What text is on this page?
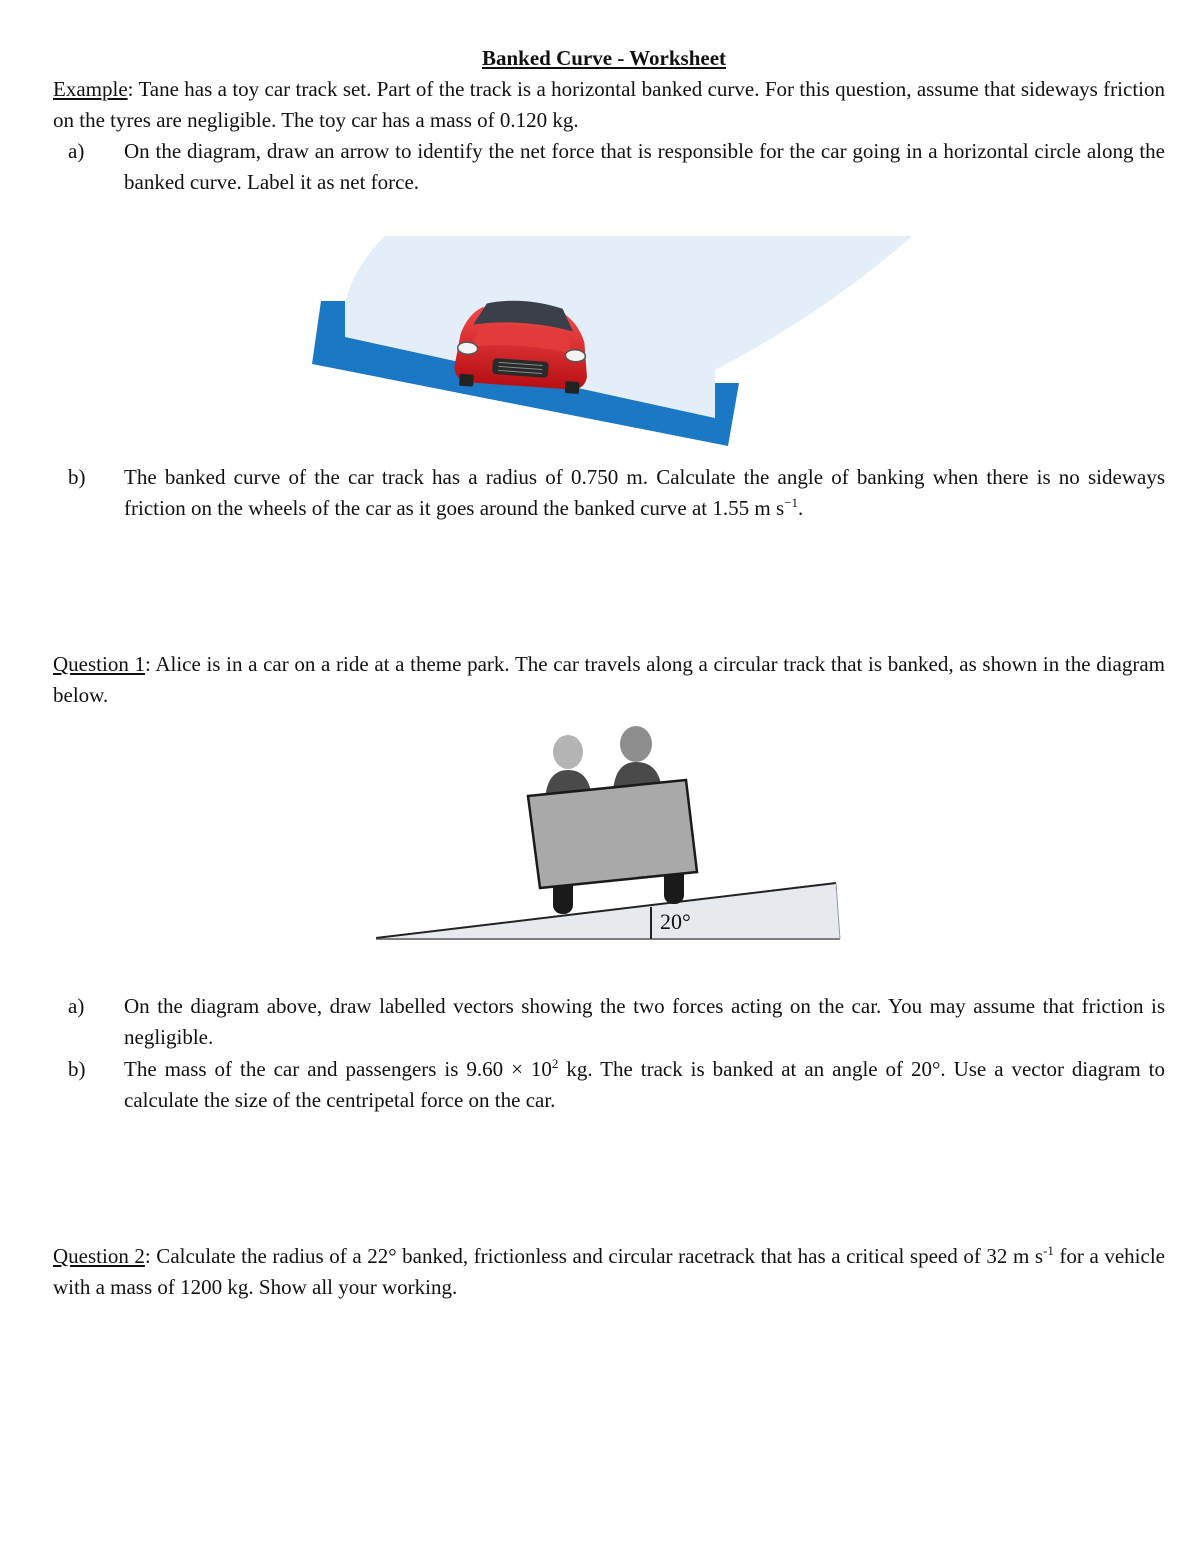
Banked Curve - Worksheet
Example: Tane has a toy car track set. Part of the track is a horizontal banked curve. For this question, assume that sideways friction on the tyres are negligible. The toy car has a mass of 0.120 kg.
a) On the diagram, draw an arrow to identify the net force that is responsible for the car going in a horizontal circle along the banked curve. Label it as net force.
b) The banked curve of the car track has a radius of 0.750 m. Calculate the angle of banking when there is no sideways friction on the wheels of the car as it goes around the banked curve at 1.55 m $s^{-1}$.
Question 1: Alice is in a car on a ride at a theme park. The car travels along a circular track that is banked, as shown in the diagram below.
20°
a) On the diagram above, draw labelled vectors showing the two forces acting on the car. You may assume that friction is negligible.
b) The mass of the car and passengers is $9.60 \times 10^2$ kg. The track is banked at an angle of 20°. Use a vector diagram to calculate the size of the centripetal force on the car.
Question 2: Calculate the radius of a 22° banked, frictionless and circular racetrack that has a critical speed of 32 m $s^{-1}$ for a vehicle with a mass of 1200 kg. Show all your working.
